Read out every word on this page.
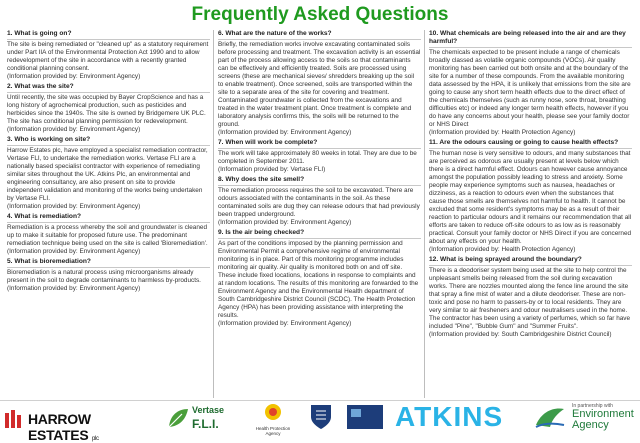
Frequently Asked Questions
1. What is going on?
The site is being remediated or "cleaned up" as a statutory requirement under Part IIA of the Environmental Protection Act 1990 and to allow redevelopment of the site in accordance with a recently granted conditional planning consent.
(Information provided by: Environment Agency)
2. What was the site?
Until recently, the site was occupied by Bayer CropScience and has a long history of agrochemical production, such as pesticides and herbicides since the 1940s. The site is owned by Bridgemere UK PLC. The site has conditional planning permission for redevelopment.
(Information provided by: Environment Agency)
3. Who is working on site?
Harrow Estates plc, have employed a specialist remediation contractor, Vertase FLI, to undertake the remediation works. Vertase FLI are a nationally based specialist contractor with experience of remediating similar sites throughout the UK. Atkins Plc, an environmental and engineering consultancy, are also present on site to provide independent validation and monitoring of the works being undertaken by Vertase FLI.
(Information provided by: Environment Agency)
4. What is remediation?
Remediation is a process whereby the soil and groundwater is cleaned up to make it suitable for proposed future use. The predominant remediation technique being used on the site is called 'Bioremediation'.
(Information provided by: Environment Agency)
5. What is bioremediation?
Bioremediation is a natural process using microorganisms already present in the soil to degrade contaminants to harmless by-products.
(Information provided by: Environment Agency)
6. What are the nature of the works?
Briefly, the remediation works involve excavating contaminated soils before processing and treatment. The excavation activity is an essential part of the process allowing access to the soils so that contaminants can be effectively and efficiently treated. Soils are processed using screens (these are mechanical sieves/ shredders breaking up the soil to enable treatment). Once screened, soils are transported within the site to a separate area of the site for covering and treatment. Contaminated groundwater is collected from the excavations and treated in the water treatment plant. Once treatment is complete and laboratory analysis confirms this, the soils will be returned to the ground.
(Information provided by: Environment Agency)
7. When will work be complete?
The work will take approximately 80 weeks in total. They are due to be completed in September 2011.
(Information provided by: Vertase FLI)
8. Why does the site smell?
The remediation process requires the soil to be excavated. There are odours associated with the contaminants in the soil. As these contaminated soils are dug they can release odours that had previously been trapped underground.
(Information provided by: Environment Agency)
9. Is the air being checked?
As part of the conditions imposed by the planning permission and Environmental Permit a comprehensive regime of environmental monitoring is in place. Part of this monitoring programme includes monitoring air quality. Air quality is monitored both on and off site. These include fixed locations, locations in response to complaints and at random locations. The results of this monitoring are forwarded to the Environment Agency and the Environmental Health department of South Cambridgeshire District Council (SCDC). The Health Protection Agency (HPA) has been providing assistance with interpreting the results.
(Information provided by: Environment Agency)
10. What chemicals are being released into the air and are they harmful?
The chemicals expected to be present include a range of chemicals broadly classed as volatile organic compounds (VOCs). Air quality monitoring has been carried out both onsite and at the boundary of the site for a number of these compounds. From the available monitoring data assessed by the HPA, it is unlikely that emissions from the site are going to cause any short term health effects due to the direct effect of the chemicals themselves (such as runny nose, sore throat, breathing difficulties etc) or indeed any longer term health effects, however if you do have any concerns about your health, please see your family doctor or NHS Direct
(Information provided by: Health Protection Agency)
11. Are the odours causing or going to cause health effects?
The human nose is very sensitive to odours, and many substances that are perceived as odorous are usually present at levels below which there is a direct harmful effect. Odours can however cause annoyance amongst the population possibly leading to stress and anxiety. Some people may experience symptoms such as nausea, headaches or dizziness, as a reaction to odours even when the substances that cause those smells are themselves not harmful to health. It cannot be excluded that some resident's symptoms may be as a result of their reaction to particular odours and it remains our recommendation that all efforts are taken to reduce off-site odours to as low as is reasonably practical. Consult your family doctor or NHS Direct if you are concerned about any effects on your health.
(Information provided by: Health Protection Agency)
12. What is being sprayed around the boundary?
There is a deodoriser system being used at the site to help control the unpleasant smells being released from the soil during excavation works. There are nozzles mounted along the fence line around the site that spray a fine mist of water and a dilute deodoriser. These are non-toxic and pose no harm to passers-by or to local residents. They are very similar to air fresheners and odour neutralisers used in the home. The contractor has been using a variety of perfumes, which so far have included "Pine", "Bubble Gum" and "Summer Fruits".
(Information provided by: South Cambridgeshire District Council)
HARROW ESTATES plc
Vertase
F.L.I.	Health Protection Agency
ATKINS	In partnership with
Environment
Agency
